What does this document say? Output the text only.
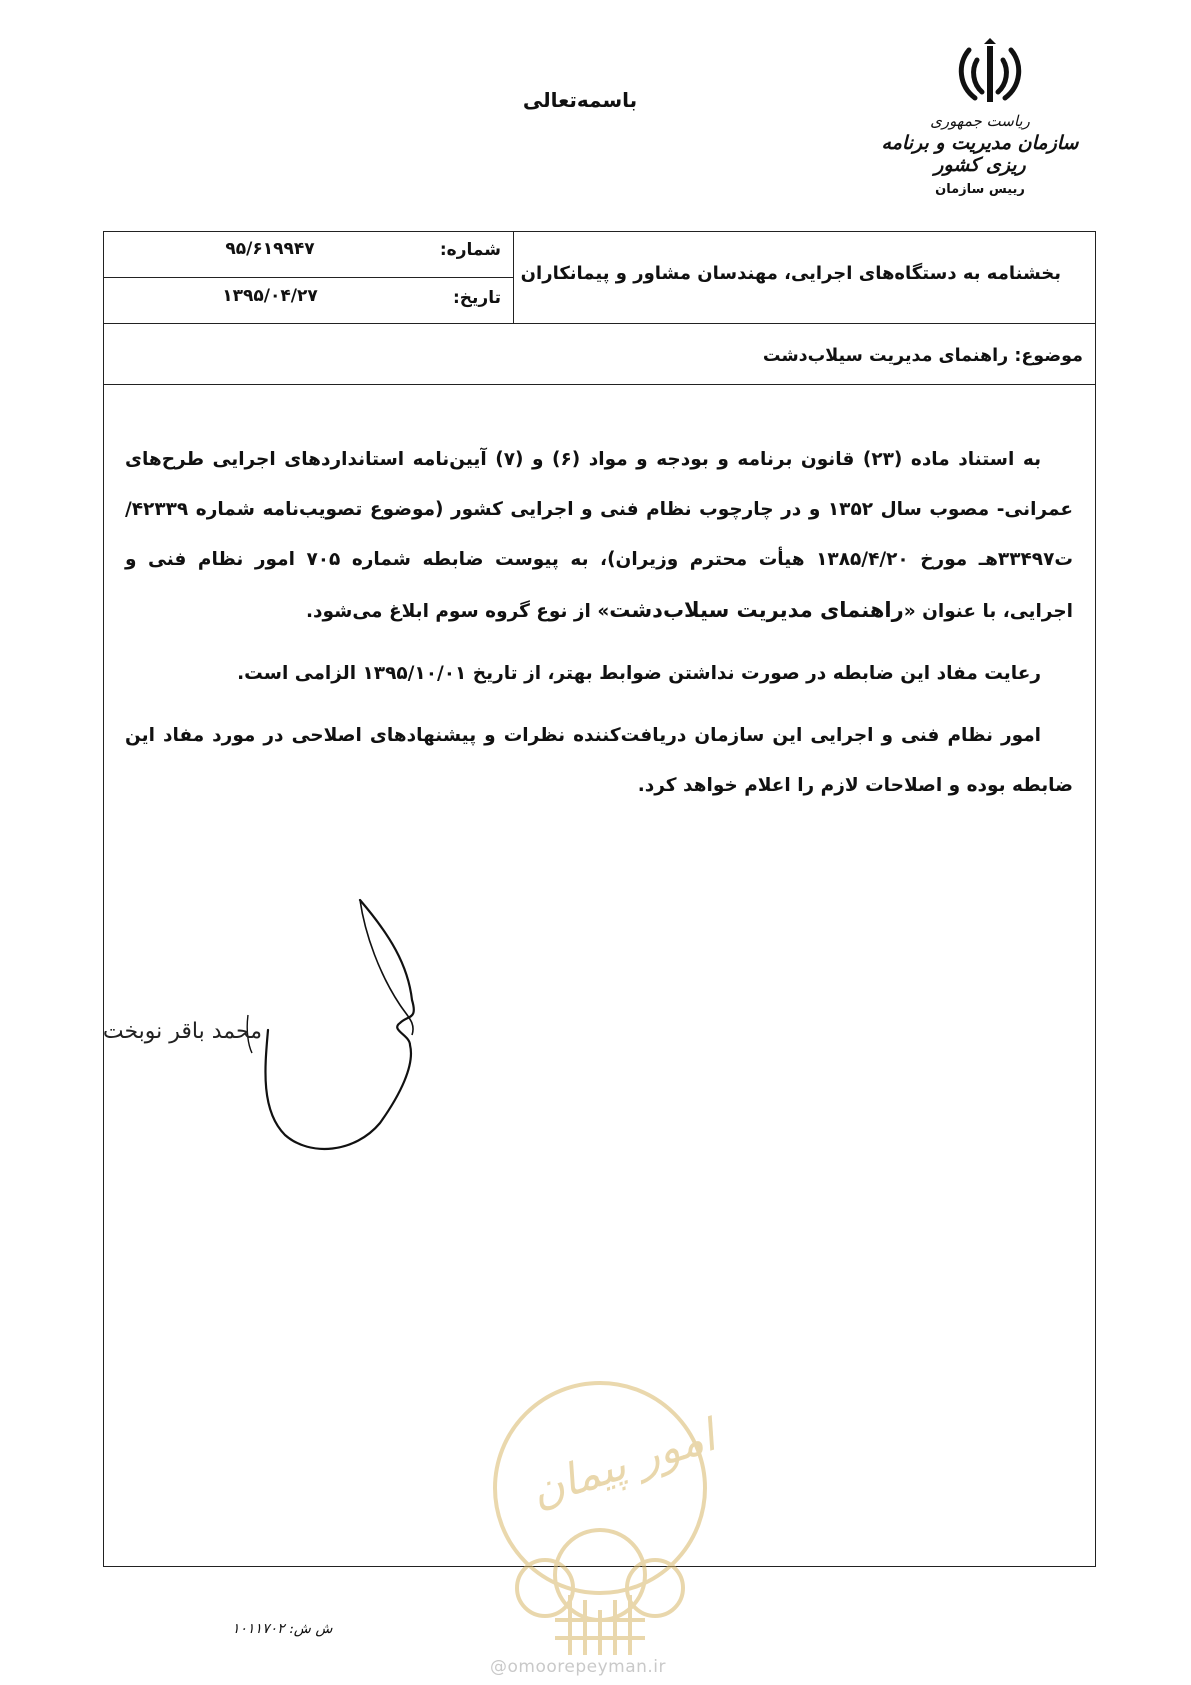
باسمه‌تعالی
ریاست جمهوری
سازمان مدیریت و برنامه ریزی کشور
رییس سازمان
بخشنامه به دستگاه‌های اجرایی، مهندسان مشاور و پیمانکاران
شماره:
۹۵/۶۱۹۹۴۷
تاریخ:
۱۳۹۵/۰۴/۲۷
موضوع: راهنمای مدیریت سیلاب‌دشت

به استناد ماده (۲۳) قانون برنامه و بودجه و مواد (۶) و (۷) آیین‌نامه استانداردهای اجرایی طرح‌های عمرانی- مصوب سال ۱۳۵۲ و در چارچوب نظام فنی و اجرایی کشور (موضوع تصویب‌نامه شماره ۴۲۳۳۹/ت۳۳۴۹۷هـ مورخ ۱۳۸۵/۴/۲۰ هیأت محترم وزیران)، به پیوست ضابطه شماره ۷۰۵ امور نظام فنی و اجرایی، با عنوان «راهنمای مدیریت سیلاب‌دشت» از نوع گروه سوم ابلاغ می‌شود.

رعایت مفاد این ضابطه در صورت نداشتن ضوابط بهتر، از تاریخ ۱۳۹۵/۱۰/۰۱ الزامی است.

امور نظام فنی و اجرایی این سازمان دریافت‌کننده نظرات و پیشنهادهای اصلاحی در مورد مفاد این ضابطه بوده و اصلاحات لازم را اعلام خواهد کرد.

محمد باقر نوبخت
امور پیمان
ش ش: ۱۰۱۱۷۰۲
@omoorepeyman.ir
